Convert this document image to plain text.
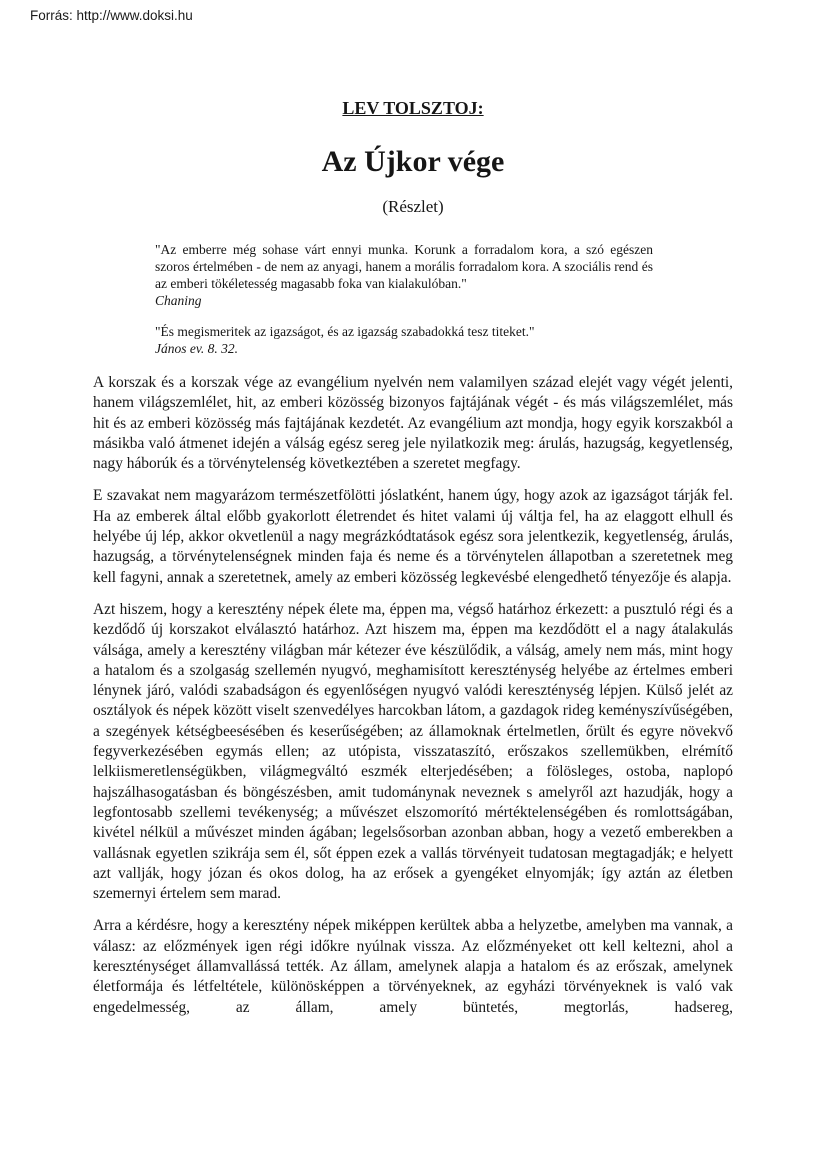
Forrás: http://www.doksi.hu
LEV TOLSZTOJ:
Az Újkor vége
(Részlet)
"Az emberre még sohase várt ennyi munka. Korunk a forradalom kora, a szó egészen szoros értelmében - de nem az anyagi, hanem a morális forradalom kora. A szociális rend és az emberi tökéletesség magasabb foka van kialakulóban."
Chaning
"És megismeritek az igazságot, és az igazság szabadokká tesz titeket."
János ev. 8. 32.

A korszak és a korszak vége az evangélium nyelvén nem valamilyen század elejét vagy végét jelenti, hanem világszemlélet, hit, az emberi közösség bizonyos fajtájának végét - és más világszemlélet, más hit és az emberi közösség más fajtájának kezdetét. Az evangélium azt mondja, hogy egyik korszakból a másikba való átmenet idején a válság egész sereg jele nyilatkozik meg: árulás, hazugság, kegyetlenség, nagy háborúk és a törvénytelenség következtében a szeretet megfagy.

E szavakat nem magyarázom természetfölötti jóslatként, hanem úgy, hogy azok az igazságot tárják fel. Ha az emberek által előbb gyakorlott életrendet és hitet valami új váltja fel, ha az elaggott elhull és helyébe új lép, akkor okvetlenül a nagy megrázkódtatások egész sora jelentkezik, kegyetlenség, árulás, hazugság, a törvénytelenségnek minden faja és neme és a törvénytelen állapotban a szeretetnek meg kell fagyni, annak a szeretetnek, amely az emberi közösség legkevésbé elengedhető tényezője és alapja.

Azt hiszem, hogy a keresztény népek élete ma, éppen ma, végső határhoz érkezett: a pusztuló régi és a kezdődő új korszakot elválasztó határhoz. Azt hiszem ma, éppen ma kezdődött el a nagy átalakulás válsága, amely a keresztény világban már kétezer éve készülődik, a válság, amely nem más, mint hogy a hatalom és a szolgaság szellemén nyugvó, meghamisított kereszténység helyébe az értelmes emberi lénynek járó, valódi szabadságon és egyenlőségen nyugvó valódi kereszténység lépjen. Külső jelét az osztályok és népek között viselt szenvedélyes harcokban látom, a gazdagok rideg keményszívűségében, a szegények kétségbeesésében és keserűségében; az államoknak értelmetlen, őrült és egyre növekvő fegyverkezésében egymás ellen; az utópista, visszataszító, erőszakos szellemükben, elrémítő lelkiismeretlenségükben, világmegváltó eszmék elterjedésében; a fölösleges, ostoba, naplopó hajszálhasogatásban és böngészésben, amit tudománynak neveznek s amelyről azt hazudják, hogy a legfontosabb szellemi tevékenység; a művészet elszomorító mértéktelenségében és romlottságában, kivétel nélkül a művészet minden ágában; legelsősorban azonban abban, hogy a vezető emberekben a vallásnak egyetlen szikrája sem él, sőt éppen ezek a vallás törvényeit tudatosan megtagadják; e helyett azt vallják, hogy józan és okos dolog, ha az erősek a gyengéket elnyomják; így aztán az életben szemernyi értelem sem marad.

Arra a kérdésre, hogy a keresztény népek miképpen kerültek abba a helyzetbe, amelyben ma vannak, a válasz: az előzmények igen régi időkre nyúlnak vissza. Az előzményeket ott kell keltezni, ahol a kereszténységet államvallássá tették. Az állam, amelynek alapja a hatalom és az erőszak, amelynek életformája és létfeltétele, különösképpen a törvényeknek, az egyházi törvényeknek is való vak engedelmesség, az állam, amely büntetés, megtorlás, hadsereg,
